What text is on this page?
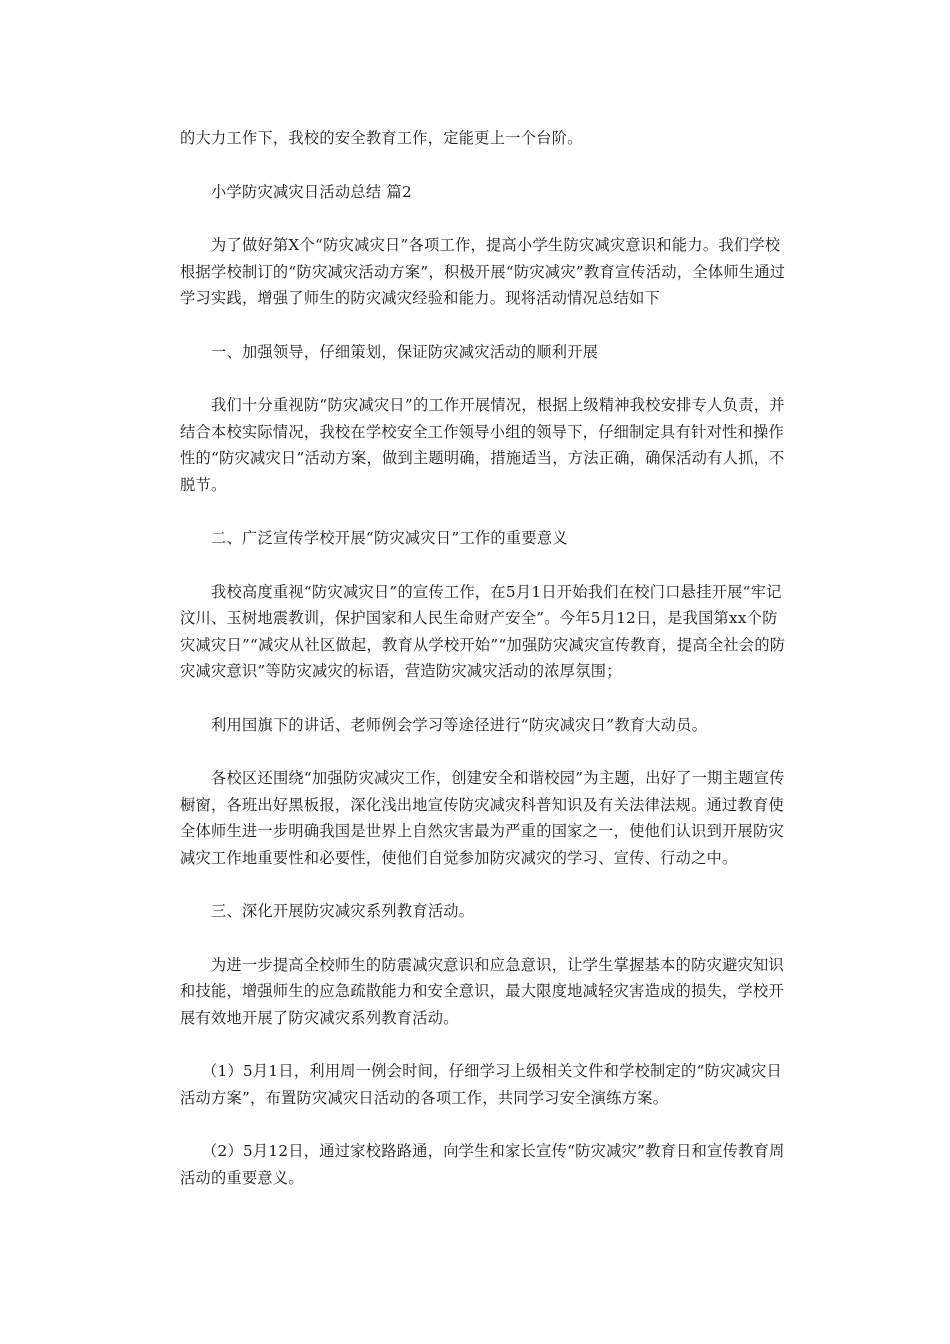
的大力工作下，我校的安全教育工作，定能更上一个台阶。

小学防灾减灾日活动总结 篇2

为了做好第X个“防灾减灾日”各项工作，提高小学生防灾减灾意识和能力。我们学校根据学校制订的“防灾减灾活动方案”，积极开展“防灾减灾”教育宣传活动，全体师生通过学习实践，增强了师生的防灾减灾经验和能力。现将活动情况总结如下

一、加强领导，仔细策划，保证防灾减灾活动的顺利开展

我们十分重视防“防灾减灾日”的工作开展情况，根据上级精神我校安排专人负责，并结合本校实际情况，我校在学校安全工作领导小组的领导下，仔细制定具有针对性和操作性的“防灾减灾日”活动方案，做到主题明确，措施适当，方法正确，确保活动有人抓，不脱节。

二、广泛宣传学校开展“防灾减灾日”工作的重要意义

我校高度重视“防灾减灾日”的宣传工作，在5月1日开始我们在校门口悬挂开展“牢记汶川、玉树地震教训，保护国家和人民生命财产安全”。今年5月12日，是我国第xx个防灾减灾日”“减灾从社区做起，教育从学校开始”“加强防灾减灾宣传教育，提高全社会的防灾减灾意识”等防灾减灾的标语，营造防灾减灾活动的浓厚氛围；

利用国旗下的讲话、老师例会学习等途径进行“防灾减灾日”教育大动员。

各校区还围绕“加强防灾减灾工作，创建安全和谐校园”为主题，出好了一期主题宣传橱窗，各班出好黑板报，深化浅出地宣传防灾减灾科普知识及有关法律法规。通过教育使全体师生进一步明确我国是世界上自然灾害最为严重的国家之一，使他们认识到开展防灾减灾工作地重要性和必要性，使他们自觉参加防灾减灾的学习、宣传、行动之中。

三、深化开展防灾减灾系列教育活动。

为进一步提高全校师生的防震减灾意识和应急意识，让学生掌握基本的防灾避灾知识和技能，增强师生的应急疏散能力和安全意识，最大限度地减轻灾害造成的损失，学校开展有效地开展了防灾减灾系列教育活动。

（1）5月1日，利用周一例会时间，仔细学习上级相关文件和学校制定的“防灾减灾日活动方案”，布置防灾减灾日活动的各项工作，共同学习安全演练方案。

（2）5月12日，通过家校路路通，向学生和家长宣传“防灾减灾”教育日和宣传教育周活动的重要意义。
